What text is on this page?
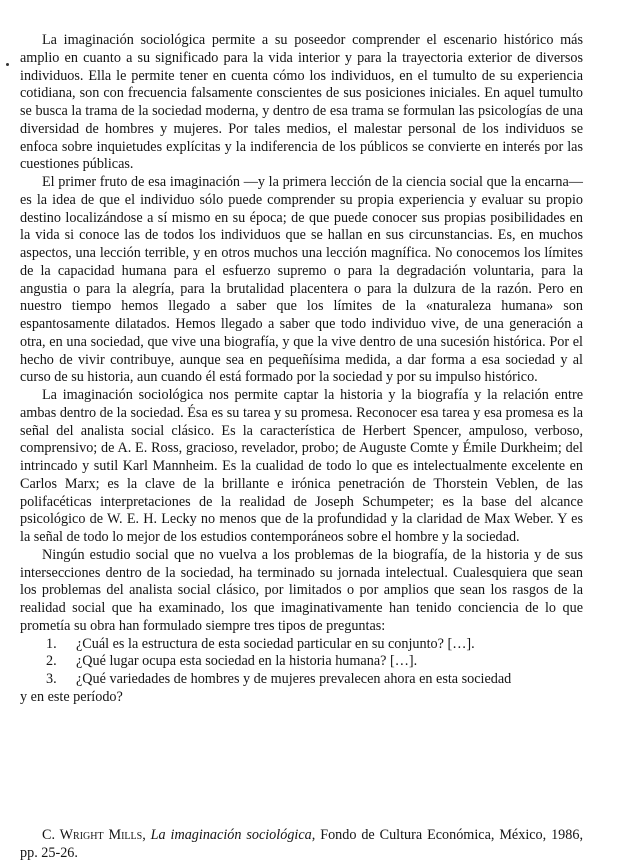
La imaginación sociológica permite a su poseedor comprender el escenario histórico más amplio en cuanto a su significado para la vida interior y para la trayectoria exterior de diversos individuos. Ella le permite tener en cuenta cómo los individuos, en el tumulto de su experiencia cotidiana, son con frecuencia falsamente conscientes de sus posiciones iniciales. En aquel tumulto se busca la trama de la sociedad moderna, y dentro de esa trama se formulan las psicologías de una diversidad de hombres y mujeres. Por tales medios, el malestar personal de los individuos se enfoca sobre inquietudes explícitas y la indiferencia de los públicos se convierte en interés por las cuestiones públicas.

El primer fruto de esa imaginación —y la primera lección de la ciencia social que la encarna— es la idea de que el individuo sólo puede comprender su propia experiencia y evaluar su propio destino localizándose a sí mismo en su época; de que puede conocer sus propias posibilidades en la vida si conoce las de todos los individuos que se hallan en sus circunstancias. Es, en muchos aspectos, una lección terrible, y en otros muchos una lección magnífica. No conocemos los límites de la capacidad humana para el esfuerzo supremo o para la degradación voluntaria, para la angustia o para la alegría, para la brutalidad placentera o para la dulzura de la razón. Pero en nuestro tiempo hemos llegado a saber que los límites de la «naturaleza humana» son espantosamente dilatados. Hemos llegado a saber que todo individuo vive, de una generación a otra, en una sociedad, que vive una biografía, y que la vive dentro de una sucesión histórica. Por el hecho de vivir contribuye, aunque sea en pequeñísima medida, a dar forma a esa sociedad y al curso de su historia, aun cuando él está formado por la sociedad y por su impulso histórico.

La imaginación sociológica nos permite captar la historia y la biografía y la relación entre ambas dentro de la sociedad. Ésa es su tarea y su promesa. Reconocer esa tarea y esa promesa es la señal del analista social clásico. Es la característica de Herbert Spencer, ampuloso, verboso, comprensivo; de A. E. Ross, gracioso, revelador, probo; de Auguste Comte y Émile Durkheim; del intrincado y sutil Karl Mannheim. Es la cualidad de todo lo que es intelectualmente excelente en Carlos Marx; es la clave de la brillante e irónica penetración de Thorstein Veblen, de las polifacéticas interpretaciones de la realidad de Joseph Schumpeter; es la base del alcance psicológico de W. E. H. Lecky no menos que de la profundidad y la claridad de Max Weber. Y es la señal de todo lo mejor de los estudios contemporáneos sobre el hombre y la sociedad.

Ningún estudio social que no vuelva a los problemas de la biografía, de la historia y de sus intersecciones dentro de la sociedad, ha terminado su jornada intelectual. Cualesquiera que sean los problemas del analista social clásico, por limitados o por amplios que sean los rasgos de la realidad social que ha examinado, los que imaginativamente han tenido conciencia de lo que prometía su obra han formulado siempre tres tipos de preguntas:

1. ¿Cuál es la estructura de esta sociedad particular en su conjunto? […].
2. ¿Qué lugar ocupa esta sociedad en la historia humana? […].
3. ¿Qué variedades de hombres y de mujeres prevalecen ahora en esta sociedad

y en este período?

C. Wright Mills, La imaginación sociológica, Fondo de Cultura Económica, México, 1986, pp. 25-26.
